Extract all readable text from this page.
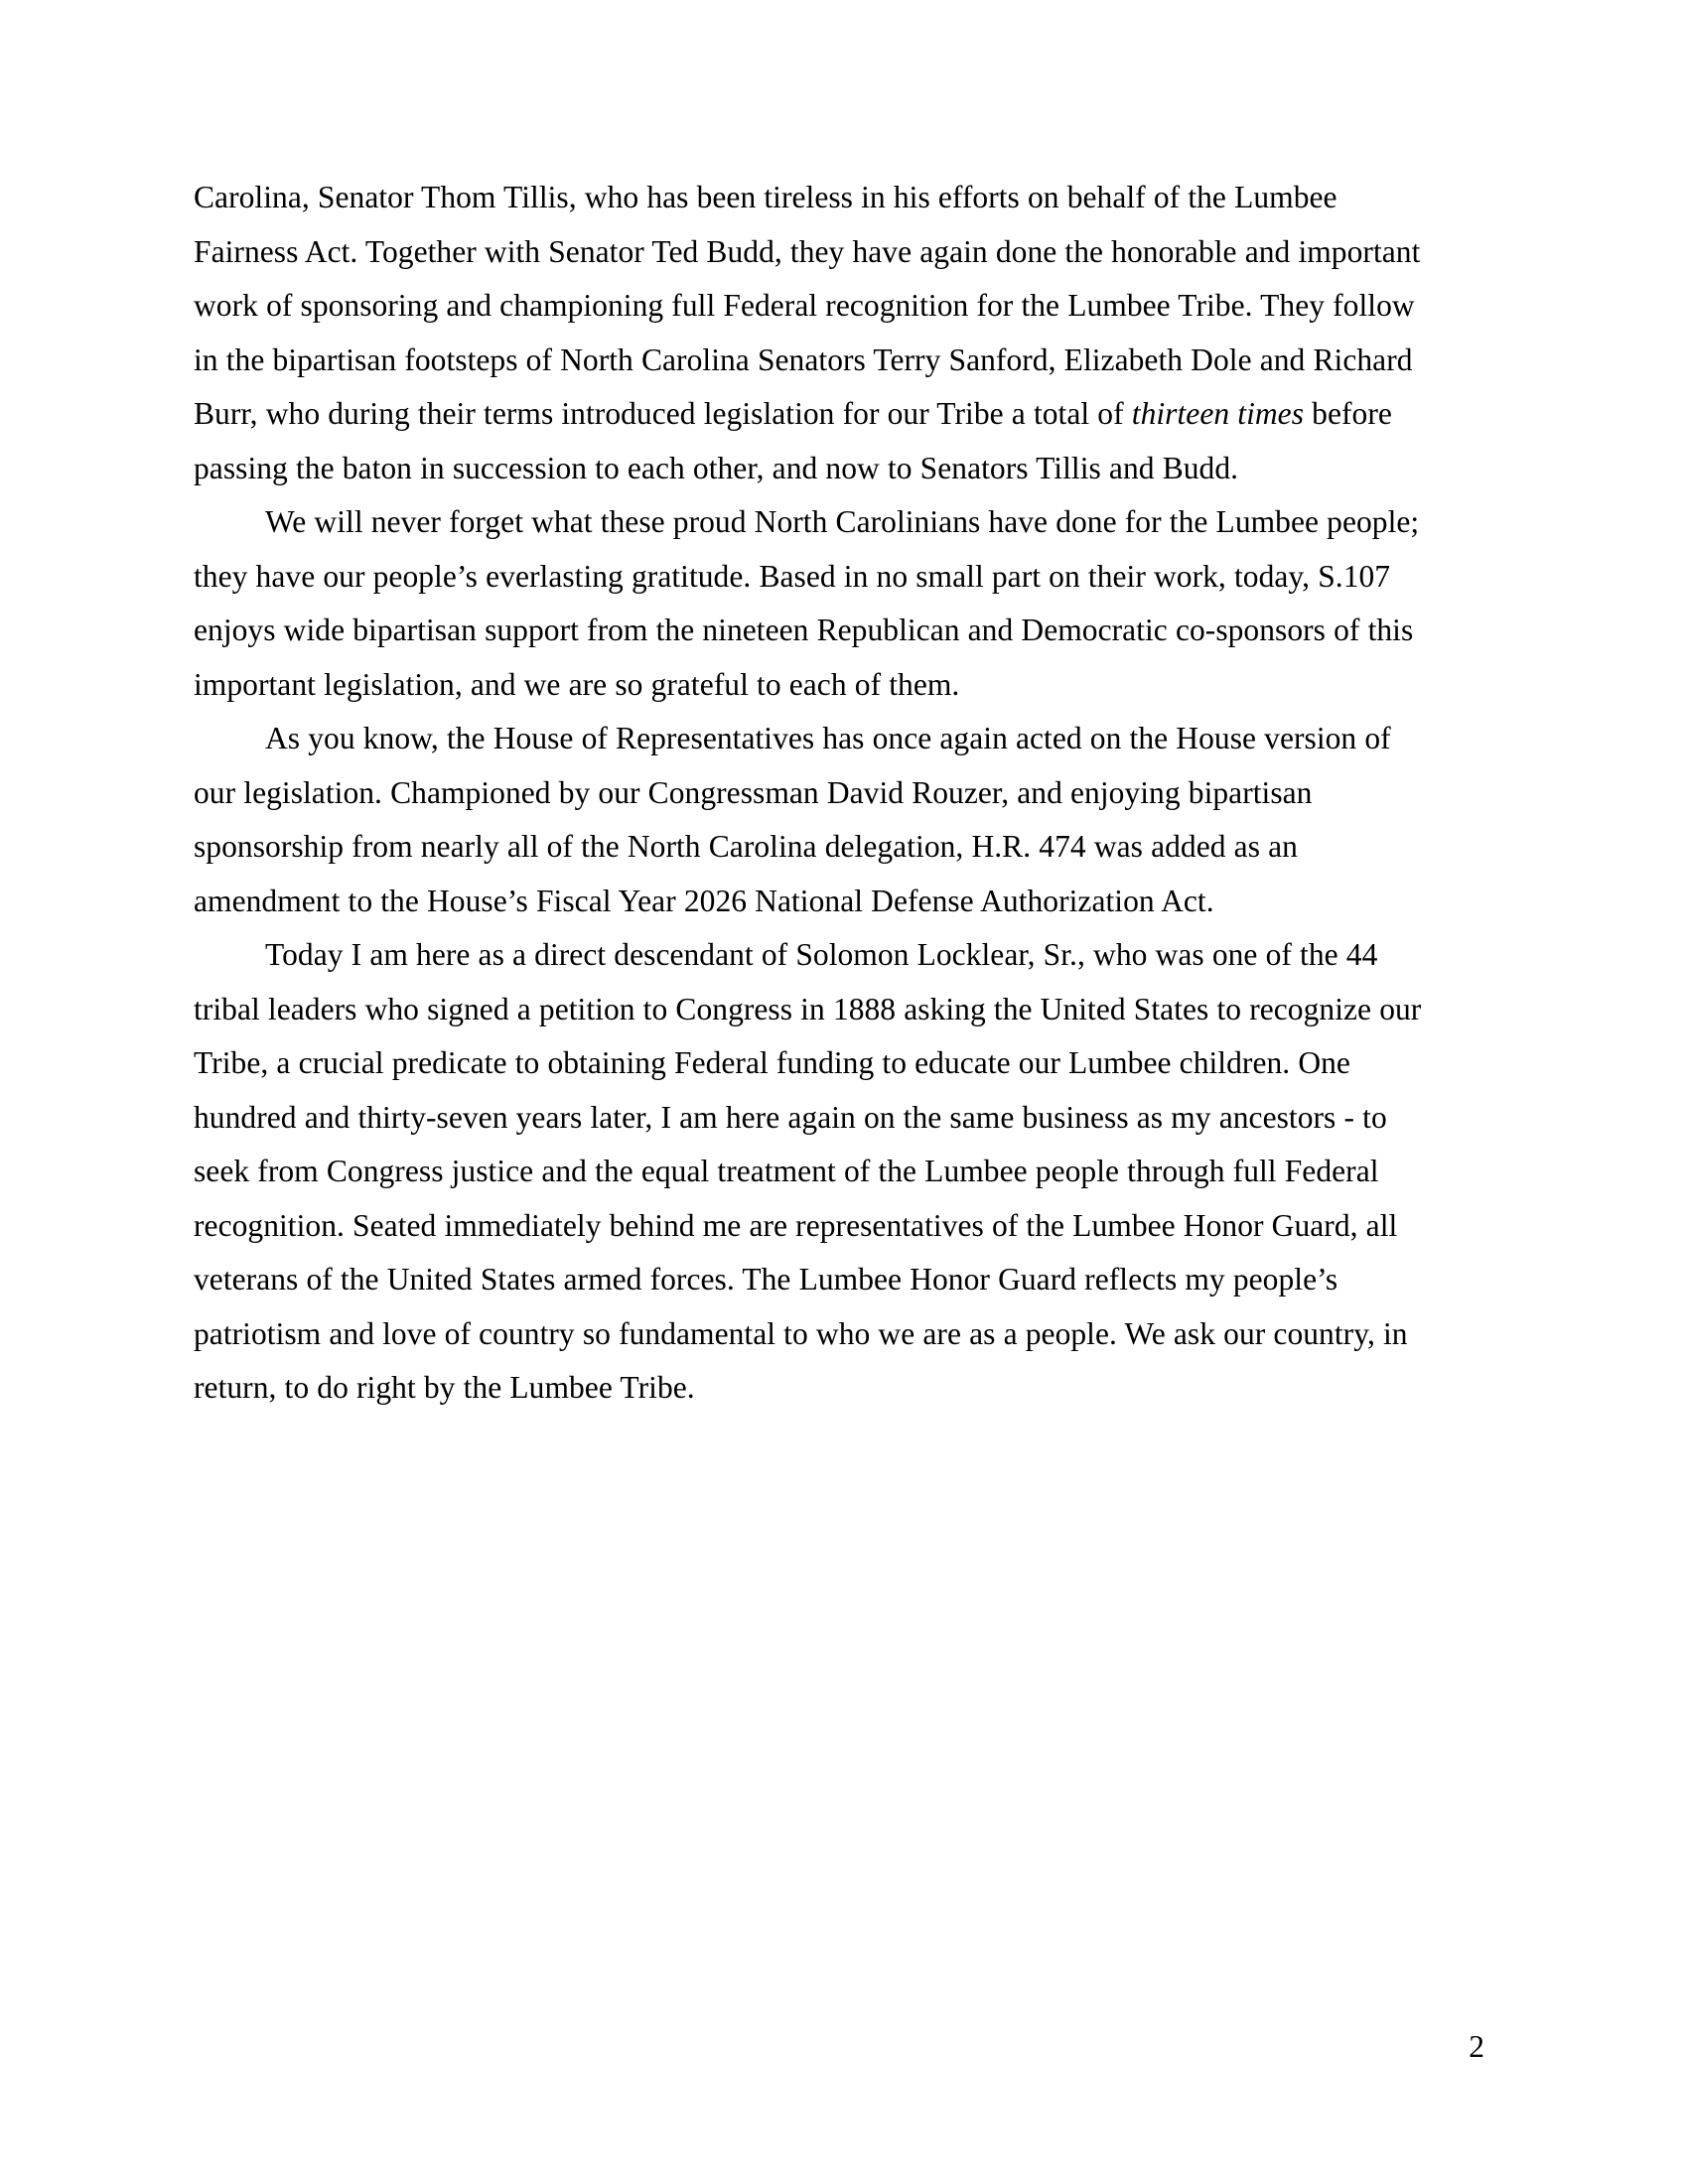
Carolina, Senator Thom Tillis, who has been tireless in his efforts on behalf of the Lumbee Fairness Act. Together with Senator Ted Budd, they have again done the honorable and important work of sponsoring and championing full Federal recognition for the Lumbee Tribe. They follow in the bipartisan footsteps of North Carolina Senators Terry Sanford, Elizabeth Dole and Richard Burr, who during their terms introduced legislation for our Tribe a total of thirteen times before passing the baton in succession to each other, and now to Senators Tillis and Budd.

We will never forget what these proud North Carolinians have done for the Lumbee people; they have our people’s everlasting gratitude. Based in no small part on their work, today, S.107 enjoys wide bipartisan support from the nineteen Republican and Democratic co-sponsors of this important legislation, and we are so grateful to each of them.

As you know, the House of Representatives has once again acted on the House version of our legislation. Championed by our Congressman David Rouzer, and enjoying bipartisan sponsorship from nearly all of the North Carolina delegation, H.R. 474 was added as an amendment to the House’s Fiscal Year 2026 National Defense Authorization Act.

Today I am here as a direct descendant of Solomon Locklear, Sr., who was one of the 44 tribal leaders who signed a petition to Congress in 1888 asking the United States to recognize our Tribe, a crucial predicate to obtaining Federal funding to educate our Lumbee children. One hundred and thirty-seven years later, I am here again on the same business as my ancestors - to seek from Congress justice and the equal treatment of the Lumbee people through full Federal recognition. Seated immediately behind me are representatives of the Lumbee Honor Guard, all veterans of the United States armed forces. The Lumbee Honor Guard reflects my people’s patriotism and love of country so fundamental to who we are as a people. We ask our country, in return, to do right by the Lumbee Tribe.

2
